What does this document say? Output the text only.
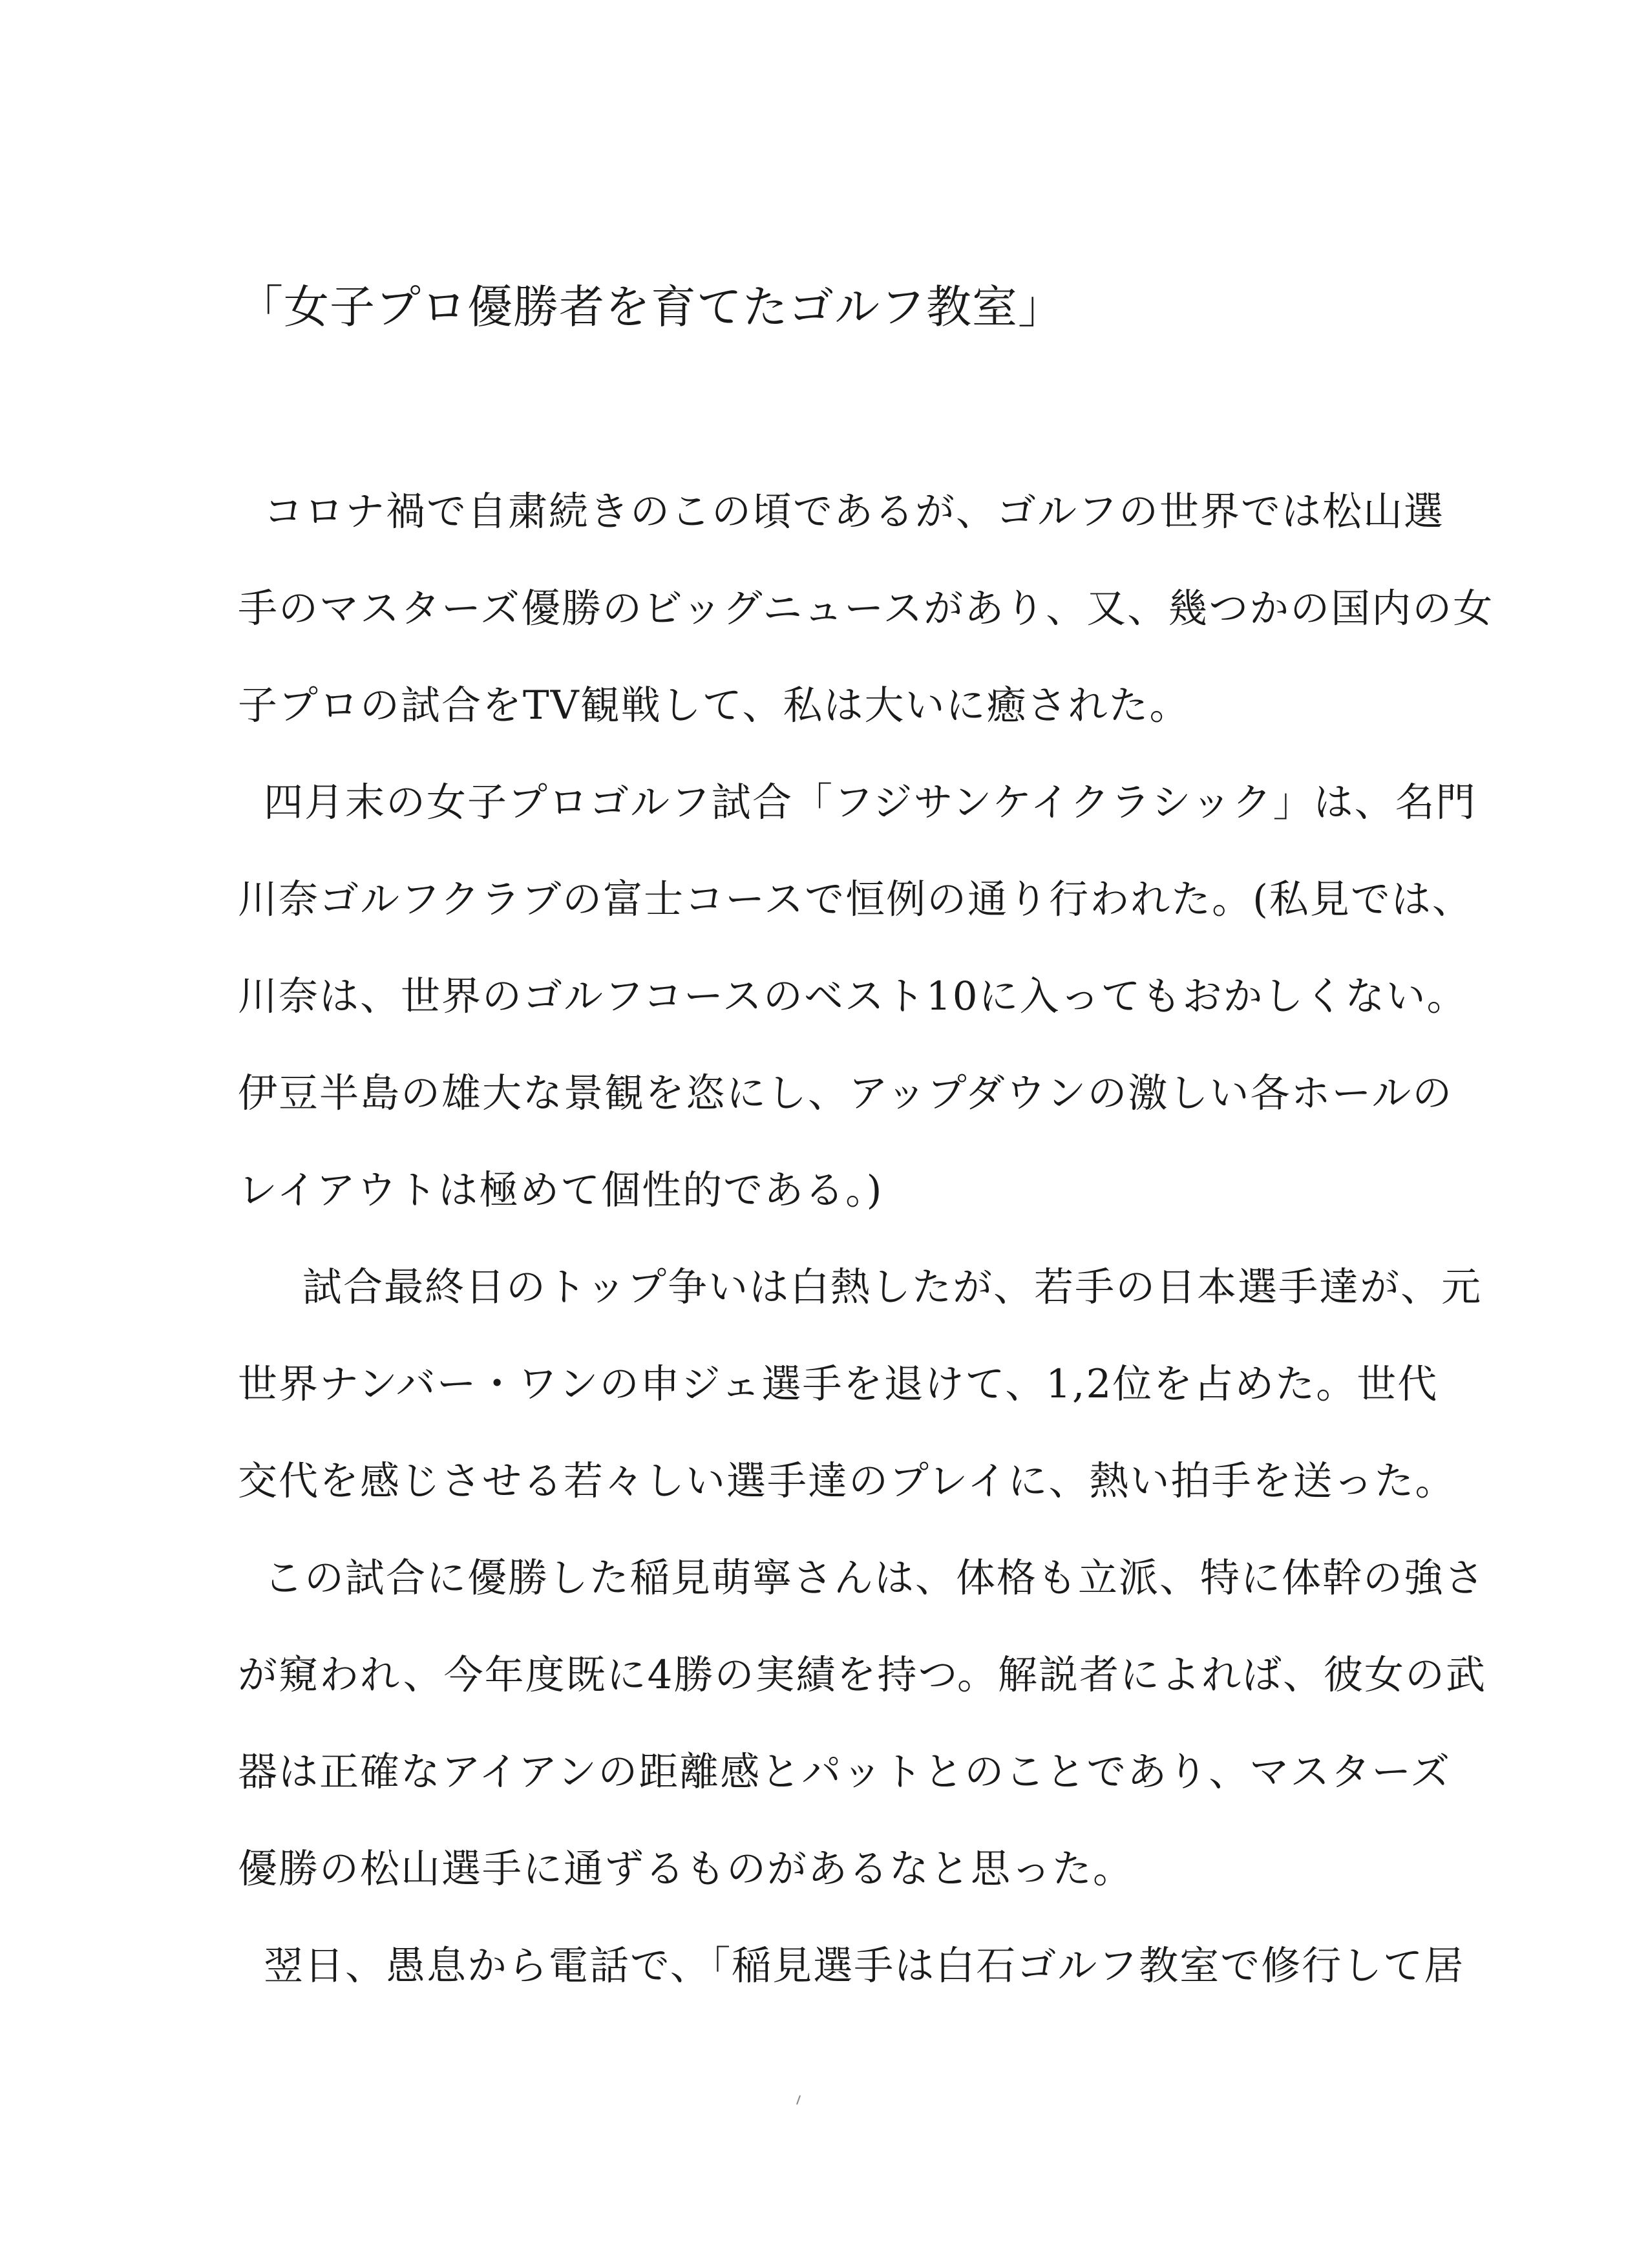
「女子プロ優勝者を育てたゴルフ教室」
コロナ禍で自粛続きのこの頃であるが、ゴルフの世界では松山選
手のマスターズ優勝のビッグニュースがあり、又、幾つかの国内の女
子プロの試合をTV観戦して、私は大いに癒された。
四月末の女子プロゴルフ試合「フジサンケイクラシック」は、名門
川奈ゴルフクラブの富士コースで恒例の通り行われた。(私見では、
川奈は、世界のゴルフコースのベスト10に入ってもおかしくない。
伊豆半島の雄大な景観を恣にし、アップダウンの激しい各ホールの
レイアウトは極めて個性的である。)
試合最終日のトップ争いは白熱したが、若手の日本選手達が、元
世界ナンバー・ワンの申ジェ選手を退けて、1,2位を占めた。世代
交代を感じさせる若々しい選手達のプレイに、熱い拍手を送った。
この試合に優勝した稲見萌寧さんは、体格も立派、特に体幹の強さ
が窺われ、今年度既に4勝の実績を持つ。解説者によれば、彼女の武
器は正確なアイアンの距離感とパットとのことであり、マスターズ
優勝の松山選手に通ずるものがあるなと思った。
翌日、愚息から電話で、「稲見選手は白石ゴルフ教室で修行して居
